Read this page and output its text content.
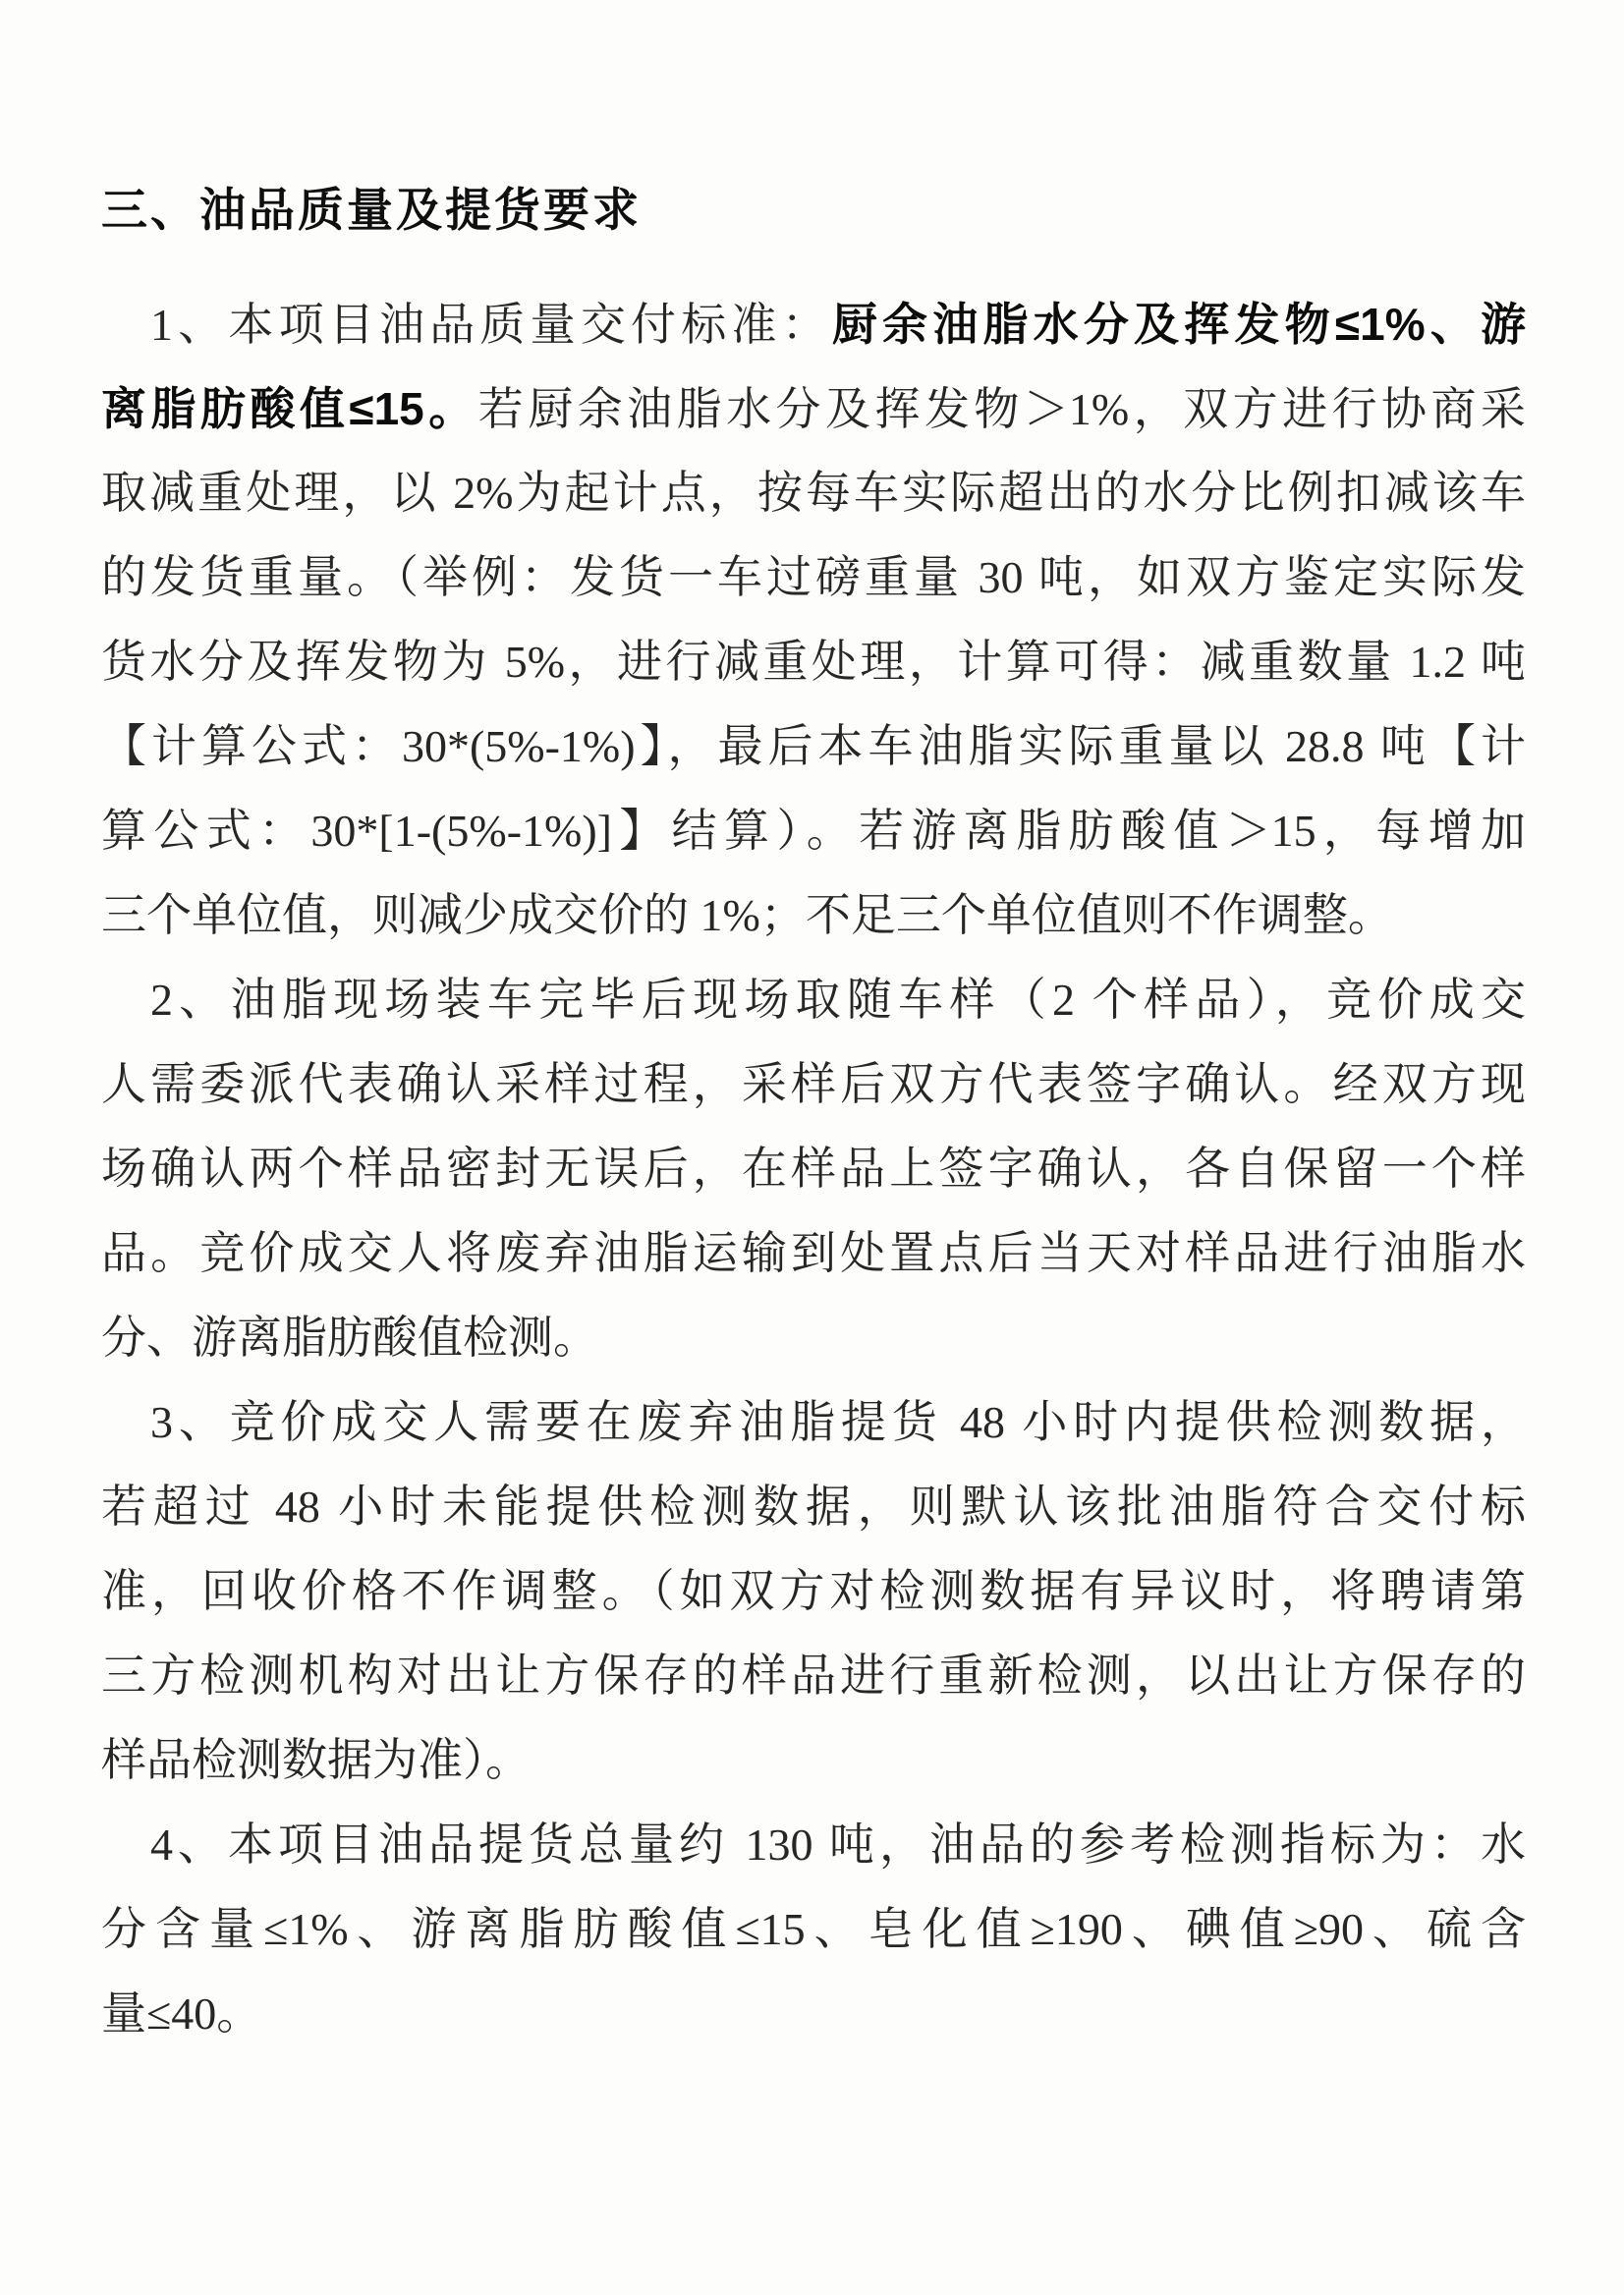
三、油品质量及提货要求
1、本项目油品质量交付标准：厨余油脂水分及挥发物≤1%、游
离脂肪酸值≤15。若厨余油脂水分及挥发物＞1%，双方进行协商采
取减重处理，以 2%为起计点，按每车实际超出的水分比例扣减该车
的发货重量。（举例：发货一车过磅重量 30 吨，如双方鉴定实际发
货水分及挥发物为 5%，进行减重处理，计算可得：减重数量 1.2 吨
【计算公式：30*(5%-1%)】，最后本车油脂实际重量以 28.8 吨【计
算公式：30*[1-(5%-1%)]】结算）。若游离脂肪酸值＞15，每增加
三个单位值，则减少成交价的 1%；不足三个单位值则不作调整。
2、油脂现场装车完毕后现场取随车样（2 个样品），竞价成交
人需委派代表确认采样过程，采样后双方代表签字确认。经双方现
场确认两个样品密封无误后，在样品上签字确认，各自保留一个样
品。竞价成交人将废弃油脂运输到处置点后当天对样品进行油脂水
分、游离脂肪酸值检测。
3、竞价成交人需要在废弃油脂提货 48 小时内提供检测数据，
若超过 48 小时未能提供检测数据，则默认该批油脂符合交付标
准，回收价格不作调整。（如双方对检测数据有异议时，将聘请第
三方检测机构对出让方保存的样品进行重新检测，以出让方保存的
样品检测数据为准）。
4、本项目油品提货总量约 130 吨，油品的参考检测指标为：水
分含量≤1%、游离脂肪酸值≤15、皂化值≥190、碘值≥90、硫含
量≤40。
